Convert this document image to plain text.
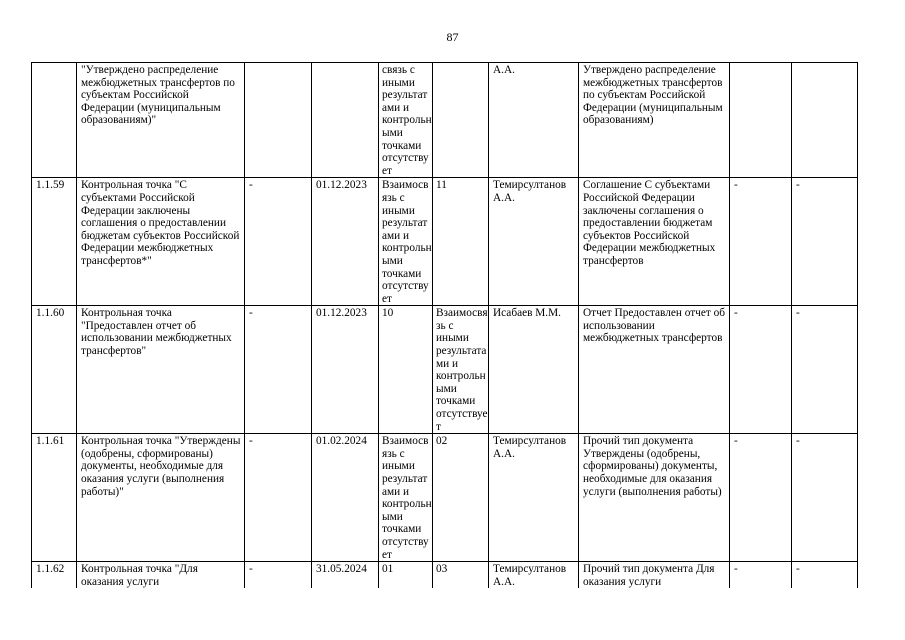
87
	"Утверждено распределение межбюджетных трансфертов по субъектам Российской Федерации (муниципальным образованиям)"			связь с иными результатами и контрольными точками отсутствует		А.А.	Утверждено распределение межбюджетных трансфертов по субъектам Российской Федерации (муниципальным образованиям)		
1.1.59	Контрольная точка "С субъектами Российской Федерации заключены соглашения о предоставлении бюджетам субъектов Российской Федерации межбюджетных трансфертов*"	-	01.12.2023	Взаимосвязь с иными результатами и контрольными точками отсутствует	11	Темирсултанов А.А.	Соглашение С субъектами Российской Федерации заключены соглашения о предоставлении бюджетам субъектов Российской Федерации межбюджетных трансфертов	-	-
1.1.60	Контрольная точка "Предоставлен отчет об использовании межбюджетных трансфертов"	-	01.12.2023	10	Взаимосвязь с иными результатами и контрольными точками отсутствует	Исабаев М.М.	Отчет Предоставлен отчет об использовании межбюджетных трансфертов	-	-
1.1.61	Контрольная точка "Утверждены (одобрены, сформированы) документы, необходимые для оказания услуги (выполнения работы)"	-	01.02.2024	Взаимосвязь с иными результатами и контрольными точками отсутствует	02	Темирсултанов А.А.	Прочий тип документа Утверждены (одобрены, сформированы) документы, необходимые для оказания услуги (выполнения работы)	-	-
1.1.62	Контрольная точка "Для оказания услуги	-	31.05.2024	01	03	Темирсултанов А.А.	Прочий тип документа Для оказания услуги	-	-
